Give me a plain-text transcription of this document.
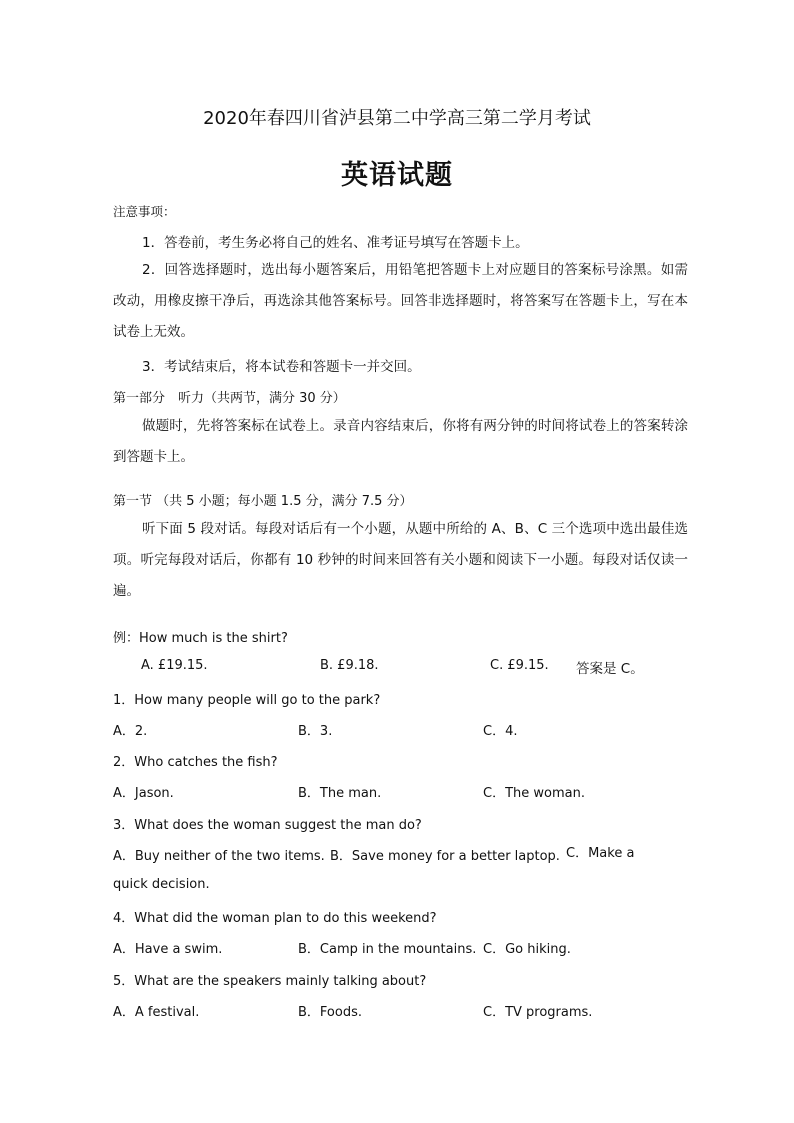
2020年春四川省泸县第二中学高三第二学月考试
英语试题
注意事项：
1．答卷前，考生务必将自己的姓名、准考证号填写在答题卡上。
2．回答选择题时，选出每小题答案后，用铅笔把答题卡上对应题目的答案标号涂黑。如需改动，用橡皮擦干净后，再选涂其他答案标号。回答非选择题时，将答案写在答题卡上，写在本试卷上无效。
3．考试结束后，将本试卷和答题卡一并交回。
第一部分　听力（共两节，满分 30 分）
做题时，先将答案标在试卷上。录音内容结束后，你将有两分钟的时间将试卷上的答案转涂到答题卡上。
第一节 （共 5 小题；每小题 1.5 分，满分 7.5 分）
听下面 5 段对话。每段对话后有一个小题，从题中所给的 A、B、C 三个选项中选出最佳选项。听完每段对话后，你都有 10 秒钟的时间来回答有关小题和阅读下一小题。每段对话仅读一遍。
例：How much is the shirt?
A. £19.15.	B. £9.18.	C. £9.15. 答案是 C。
1．How many people will go to the park?
A．2.	B．3.	C．4.
2．Who catches the fish?
A．Jason.	B．The man.	C．The woman.
3．What does the woman suggest the man do?
A．Buy neither of the two items. B．Save money for a better laptop. C．Make a quick decision.
4．What did the woman plan to do this weekend?
A．Have a swim.	B．Camp in the mountains. C．Go hiking.
5．What are the speakers mainly talking about?
A．A festival.	B．Foods.	C．TV programs.
